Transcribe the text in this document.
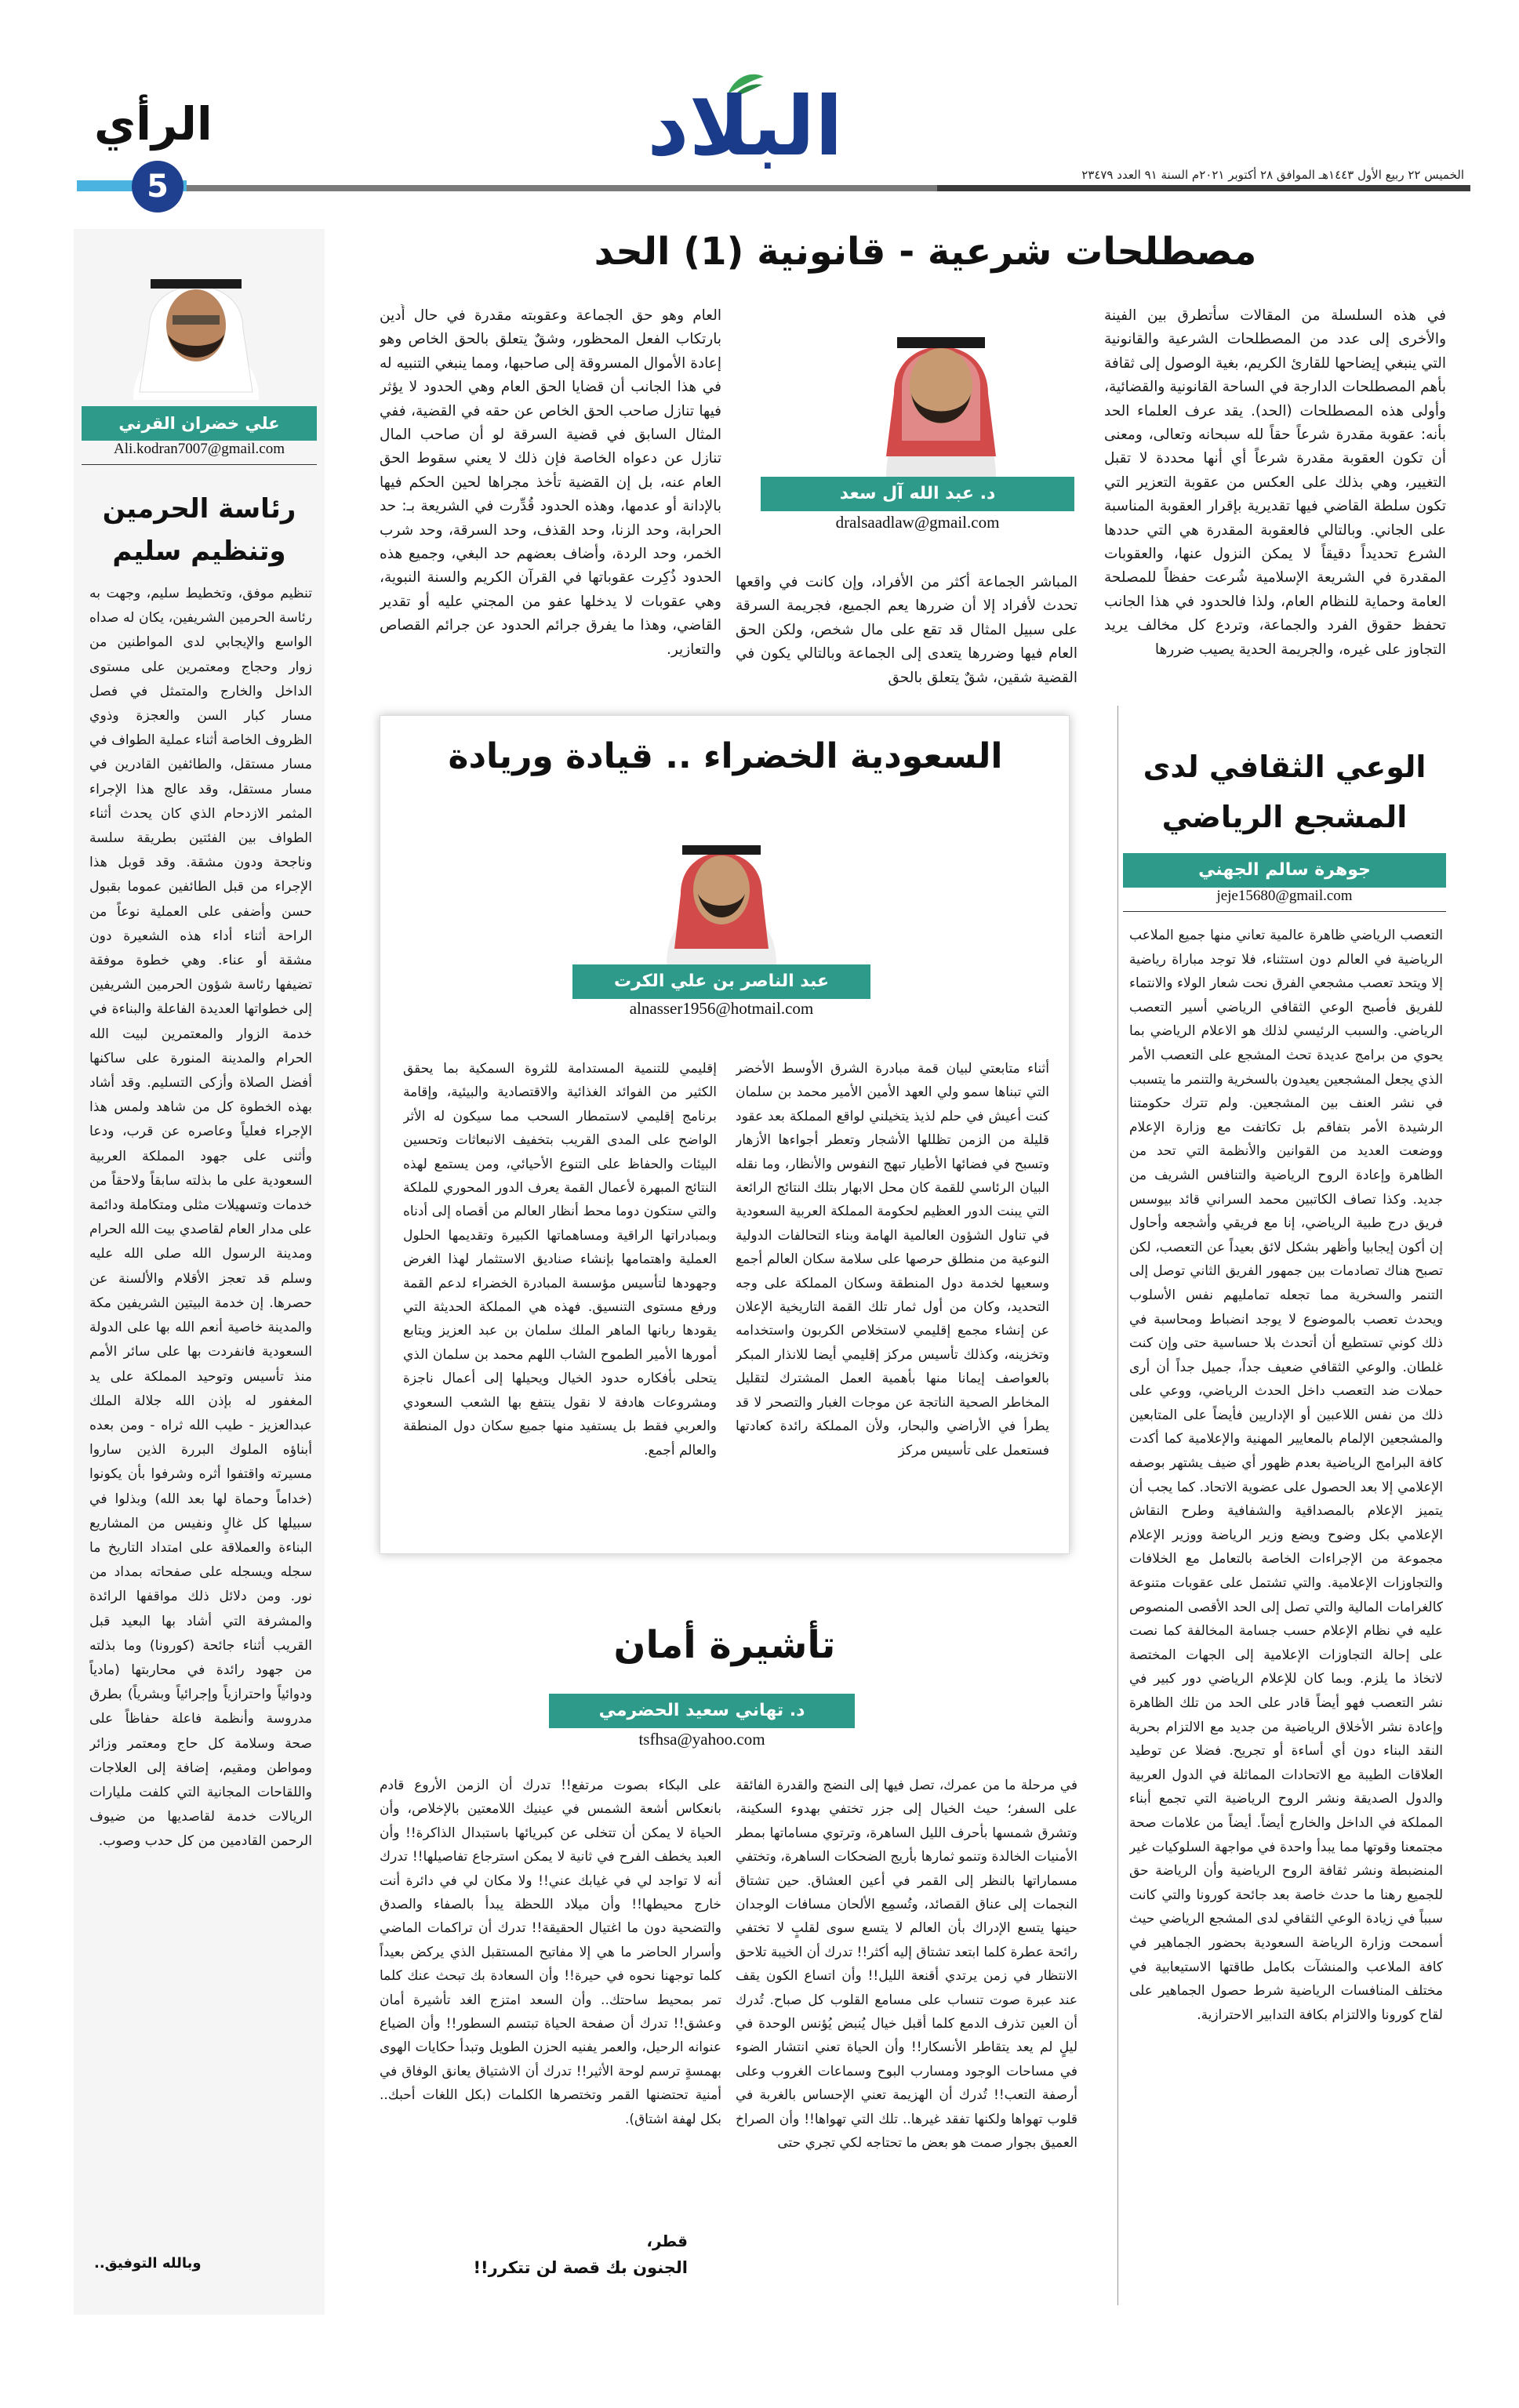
البلاد
الخميس ٢٢ ربيع الأول ١٤٤٣هـ الموافق ٢٨ أكتوبر ٢٠٢١م السنة ٩١ العدد ٢٣٤٧٩
الرأي
5
مصطلحات شرعية - قانونية (1) الحد
في هذه السلسلة من المقالات سأتطرق بين الفينة والأخرى إلى عدد من المصطلحات الشرعية والقانونية التي ينبغي إيضاحها للقارئ الكريم، بغية الوصول إلى ثقافة بأهم المصطلحات الدارجة في الساحة القانونية والقضائية، وأولى هذه المصطلحات (الحد). يقد عرف العلماء الحد بأنه: عقوبة مقدرة شرعاً حقاً لله سبحانه وتعالى، ومعنى أن تكون العقوبة مقدرة شرعاً أي أنها محددة لا تقبل التغيير، وهي بذلك على العكس من عقوبة التعزير التي تكون سلطة القاضي فيها تقديرية بإقرار العقوبة المناسبة على الجاني. وبالتالي فالعقوبة المقدرة هي التي حددها الشرع تحديداً دقيقاً لا يمكن النزول عنها، والعقوبات المقدرة في الشريعة الإسلامية شُرعت حفظاً للمصلحة العامة وحماية للنظام العام، ولذا فالحدود في هذا الجانب تحفظ حقوق الفرد والجماعة، وتردع كل مخالف يريد التجاوز على غيره، والجريمة الحدية يصيب ضررها
د. عبد الله آل سعد
dralsaadlaw@gmail.com
المباشر الجماعة أكثر من الأفراد، وإن كانت في واقعها تحدث لأفراد إلا أن ضررها يعم الجميع، فجريمة السرقة على سبيل المثال قد تقع على مال شخص، ولكن الحق العام فيها وضررها يتعدى إلى الجماعة وبالتالي يكون في القضية شقين، شقٌ يتعلق بالحق
العام وهو حق الجماعة وعقوبته مقدرة في حال أُدين بارتكاب الفعل المحظور، وشقٌ يتعلق بالحق الخاص وهو إعادة الأموال المسروقة إلى صاحبها، ومما ينبغي التنبيه له في هذا الجانب أن قضايا الحق العام وهي الحدود لا يؤثر فيها تنازل صاحب الحق الخاص عن حقه في القضية، ففي المثال السابق في قضية السرقة لو أن صاحب المال تنازل عن دعواه الخاصة فإن ذلك لا يعني سقوط الحق العام عنه، بل إن القضية تأخذ مجراها لحين الحكم فيها بالإدانة أو عدمها، وهذه الحدود قُدِّرت في الشريعة بـ: حد الحرابة، وحد الزنا، وحد القذف، وحد السرقة، وحد شرب الخمر، وحد الردة، وأضاف بعضهم حد البغي، وجميع هذه الحدود ذُكِرت عقوباتها في القرآن الكريم والسنة النبوية، وهي عقوبات لا يدخلها عفو من المجني عليه أو تقدير القاضي، وهذا ما يفرق جرائم الحدود عن جرائم القصاص والتعازير.
الوعي الثقافي لدى المشجع الرياضي
جوهرة سالم الجهني
jeje15680@gmail.com
التعصب الرياضي ظاهرة عالمية تعاني منها جميع الملاعب الرياضية في العالم دون استثناء، فلا توجد مباراة رياضية إلا ويتحد تعصب مشجعي الفرق نحت شعار الولاء والانتماء للفريق فأصبح الوعي الثقافي الرياضي أسير التعصب الرياضي. والسبب الرئيسي لذلك هو الاعلام الرياضي بما يحوي من برامج عديدة تحث المشجع على التعصب الأمر الذي يجعل المشجعين يعيدون بالسخرية والتنمر ما يتسبب في نشر العنف بين المشجعين. ولم تترك حكومتنا الرشيدة الأمر بتفاقم بل تكاتفت مع وزارة الإعلام ووضعت العديد من القوانين والأنظمة التي تحد من الظاهرة وإعادة الروح الرياضية والتنافس الشريف من جديد. وكذا تصاف الكاتبين محمد السراني قائد بيوسس فريق درج طبية الرياضي، إنا مع فريقي وأشجعه وأحاول إن أكون إيجابيا وأظهر بشكل لائق بعيداً عن التعصب، لكن تصبح هناك تصادمات بين جمهور الفريق الثاني توصل إلى التنمر والسخرية مما تجعله تمامليهم نفس الأسلوب ويحدث تعصب بالموضوع لا يوجد انضباط ومحاسبة في ذلك كوني تستطيع أن أتحدث بلا حساسية حتى وإن كنت غلطان. والوعي الثقافي ضعيف جداً، جميل جداً أن أرى حملات ضد التعصب داخل الحدث الرياضي، ووعي على ذلك من نفس اللاعبين أو الإداريين فأيضاً على المتابعين والمشجعين الإلمام بالمعايير المهنية والإعلامية كما أكدت كافة البرامج الرياضية بعدم ظهور أي ضيف يشتهر بوصفه الإعلامي إلا بعد الحصول على عضوية الاتحاد. كما يجب أن يتميز الإعلام بالمصداقية والشفافية وطرح النقاش الإعلامي بكل وضوح ويضع وزير الرياضة ووزير الإعلام مجموعة من الإجراءات الخاصة بالتعامل مع الخلافات والتجاوزات الإعلامية. والتي تشتمل على عقوبات متنوعة كالغرامات المالية والتي تصل إلى الحد الأقصى المنصوص عليه في نظام الإعلام حسب جسامة المخالفة كما نصت على إحالة التجاوزات الإعلامية إلى الجهات المختصة لاتخاذ ما يلزم. وبما كان للإعلام الرياضي دور كبير في نشر التعصب فهو أيضاً قادر على الحد من تلك الظاهرة وإعادة نشر الأخلاق الرياضية من جديد مع الالتزام بحرية النقد البناء دون أي أساءة أو تجريح. فضلا عن توطيد العلاقات الطيبة مع الاتحادات المماثلة في الدول العربية والدول الصديقة ونشر الروح الرياضية التي تجمع أبناء المملكة في الداخل والخارج أيضاً. أيضاً من علامات صحة مجتمعنا وقوتها مما يبدأ واحدة في مواجهة السلوكيات غير المنضبطة ونشر ثقافة الروح الرياضية وأن الرياضة حق للجميع رهنا ما حدث خاصة بعد جائحة كورونا والتي كانت سبباً في زيادة الوعي الثقافي لدى المشجع الرياضي حيث أسمحت وزارة الرياضة السعودية بحضور الجماهير في كافة الملاعب والمنشآت بكامل طاقتها الاستيعابية في مختلف المنافسات الرياضية شرط حصول الجماهير على لقاح كورونا والالتزام بكافة التدابير الاحترازية.
السعودية الخضراء .. قيادة وريادة
عبد الناصر بن علي الكرت
alnasser1956@hotmail.com
أثناء متابعتي لبيان قمة مبادرة الشرق الأوسط الأخضر التي تبناها سمو ولي العهد الأمين الأمير محمد بن سلمان كنت أعيش في حلم لذيذ يتخيلني لواقع المملكة بعد عقود قليلة من الزمن تظللها الأشجار وتعطر أجواءها الأزهار وتسبح في فضائها الأطيار تبهج النفوس والأنظار، وما نقله البيان الرئاسي للقمة كان محل الابهار بتلك النتائج الرائعة التي يبنت الدور العظيم لحكومة المملكة العربية السعودية في تناول الشؤون العالمية الهامة وبناء التحالفات الدولية النوعية من منطلق حرصها على سلامة سكان العالم أجمع وسعيها لخدمة دول المنطقة وسكان المملكة على وجه التحديد، وكان من أول ثمار تلك القمة التاريخية الإعلان عن إنشاء مجمع إقليمي لاستخلاص الكربون واستخدامه وتخزينه، وكذلك تأسيس مركز إقليمي أيضا للانذار المبكر بالعواصف إيمانا منها بأهمية العمل المشترك لتقليل المخاطر الصحية الناتجة عن موجات الغبار والتصحر لا قد يطرأ في الأراضي والبحار، ولأن المملكة رائدة كعادتها فستعمل على تأسيس مركز
إقليمي للتنمية المستدامة للثروة السمكية بما يحقق الكثير من الفوائد الغذائية والاقتصادية والبيئية، وإقامة برنامج إقليمي لاستمطار السحب مما سيكون له الأثر الواضح على المدى القريب بتخفيف الانبعاثات وتحسين البيئات والحفاظ على التنوع الأحيائي، ومن يستمع لهذه النتائج المبهرة لأعمال القمة يعرف الدور المحوري للملكة والتي ستكون دوما محط أنظار العالم من أقصاه إلى أدناه وبمبادراتها الراقية ومساهماتها الكبيرة وتقديمها الحلول العملية واهتمامها بإنشاء صناديق الاستثمار لهذا الغرض وجهودها لتأسيس مؤسسة المبادرة الخضراء لدعم القمة ورفع مستوى التنسيق. فهذه هي المملكة الحديثة التي يقودها ربانها الماهر الملك سلمان بن عبد العزيز ويتابع أمورها الأمير الطموح الشاب اللهم محمد بن سلمان الذي يتحلى بأفكاره حدود الخيال ويحيلها إلى أعمال ناجزة ومشروعات هادفة لا نقول ينتفع بها الشعب السعودي والعربي فقط بل يستفيد منها جميع سكان دول المنطقة والعالم أجمع.
تأشيرة أمان
د. تهاني سعيد الحضرمي
tsfhsa@yahoo.com
في مرحلة ما من عمرك، تصل فيها إلى النضج والقدرة الفائقة على السفر؛ حيث الخيال إلى جزر تختفي بهدوء السكينة، وتشرق شمسها بأحرف الليل الساهرة، وترتوي مساماتها بمطر الأمنيات الخالدة وتنمو ثمارها بأريج الضحكات الساهرة، وتختفي مسماراتها بالنظر إلى القمر في أعين العشاق. حين تشتاق النجمات إلى عناق القصائد، وتُسمِع الألحان مسافات الوجدان حينها يتسع الإدراك بأن العالم لا يتسع سوى لقلبٍ لا تختفي رائحة عطرة كلما ابتعد تشتاق إليه أكثر!! تدرك أن الخيبة تلاحق الانتظار في زمن يرتدي أقنعة الليل!! وأن اتساع الكون يقف عند عبرة صوت تنساب على مسامع القلوب كل صباح. تُدرك أن العين تذرف الدمع كلما أقبل خيال يُنبض يُؤنس الوحدة في ليلٍ لم يعد يتقاطر الأنسكار!! وأن الحياة تعني انتشار الضوء في مساحات الوجود ومسارب البوح وسماعات الغروب وعلى أرصفة التعب!! تُدرك أن الهزيمة تعني الإحساس بالغربة في قلوب تهواها ولكنها تفقد غيرها.. تلك التي تهواها!! وأن الصراخ العميق بجوار صمت هو بعض ما تحتاجه لكي تجري حتى
على البكاء بصوت مرتفع!! تدرك أن الزمن الأروع قادم بانعكاس أشعة الشمس في عينيك اللامعتين بالإخلاص، وأن الحياة لا يمكن أن تتخلى عن كبريائها باستبدال الذاكرة!! وأن العبد يخطف الفرح في ثانية لا يمكن استرجاع تفاصيلها!! تدرك أنه لا تواجد لي في غيابك عني!! ولا مكان لي في دائرة أنت خارج محيطها!! وأن ميلاد اللحظة يبدأ بالصفاء والصدق والتضحية دون ما اغتيال الحقيقة!! تدرك أن تراكمات الماضي وأسرار الحاضر ما هي إلا مفاتيح المستقبل الذي يركض بعيداً كلما توجهنا نحوه في حيرة!! وأن السعادة بك تبحث عنك كلما تمر بمحيط ساحتك.. وأن السعد امتزج الغد تأشيرة أمان وعشق!! تدرك أن صفحة الحياة تبتسم السطور!! وأن الضياع عنوانه الرحيل، والعمر يفنيه الحزن الطويل وتبدأ حكايات الهوى بهمسةٍ ترسم لوحة الأثير!! تدرك أن الاشتياق يعانق الوفاق في أمنية تحتضنها القمر وتختصرها الكلمات (بكل اللغات أحبك.. بكل لهفة اشتاق).
قطر،
الجنون بك قصة لن تتكرر!!
علي خضران القرني
Ali.kodran7007@gmail.com
رئاسة الحرمين
وتنظيم سليم
تنظيم موفق، وتخطيط سليم، وجهت به رئاسة الحرمين الشريفين، يكان له صداه الواسع والإيجابي لدى المواطنين من زوار وحجاج ومعتمرين على مستوى الداخل والخارج والمتمثل في فصل مسار كبار السن والعجزة وذوي الظروف الخاصة أثناء عملية الطواف في مسار مستقل، والطائفين القادرين في مسار مستقل، وقد عالج هذا الإجراء المثمر الازدحام الذي كان يحدث أثناء الطواف بين الفئتين بطريقة سلسة وناجحة ودون مشقة. وقد قوبل هذا الإجراء من قبل الطائفين عموما بقبول حسن وأضفى على العملية نوعاً من الراحة أثناء أداء هذه الشعيرة دون مشقة أو عناء. وهي خطوة موفقة تضيفها رئاسة شؤون الحرمين الشريفين إلى خطواتها العديدة الفاعلة والبناءة في خدمة الزوار والمعتمرين لبيت الله الحرام والمدينة المنورة على ساكنها أفضل الصلاة وأزكى التسليم. وقد أشاد بهذه الخطوة كل من شاهد ولمس هذا الإجراء فعلياً وعاصره عن قرب، ودعا وأثنى على جهود المملكة العربية السعودية على ما بذلته سابقاً ولاحقاً من خدمات وتسهيلات مثلى ومتكاملة ودائمة على مدار العام لقاصدي بيت الله الحرام ومدينة الرسول الله صلى الله عليه وسلم قد تعجز الأقلام والألسنة عن حصرها. إن خدمة البيتين الشريفين مكة والمدينة خاصية أنعم الله بها على الدولة السعودية فانفردت بها على سائر الأمم منذ تأسيس وتوحيد المملكة على يد المغفور له بإذن الله جلالة الملك عبدالعزيز - طيب الله ثراه - ومن بعده أبناؤه الملوك البررة الذين ساروا مسيرته واقتفوا أثره وشرفوا بأن يكونوا (خداماً وحماة لها بعد الله) وبذلوا في سبيلها كل غالٍ ونفيس من المشاريع البناءة والعملاقة على امتداد التاريخ ما سجله ويسجله على صفحاته بمداد من نور. ومن دلائل ذلك مواقفها الرائدة والمشرفة التي أشاد بها البعيد قبل القريب أثناء جائحة (كورونا) وما بذلته من جهود رائدة في محاربتها (مادياً ودوائياً واحترازياً وإجرائياً وبشرياً) بطرق مدروسة وأنظمة فاعلة حفاظاً على صحة وسلامة كل حاج ومعتمر وزائر ومواطن ومقيم، إضافة إلى العلاجات واللقاحات المجانية التي كلفت مليارات الريالات خدمة لقاصديها من ضيوف الرحمن القادمين من كل حدب وصوب.
وبالله التوفيق..
